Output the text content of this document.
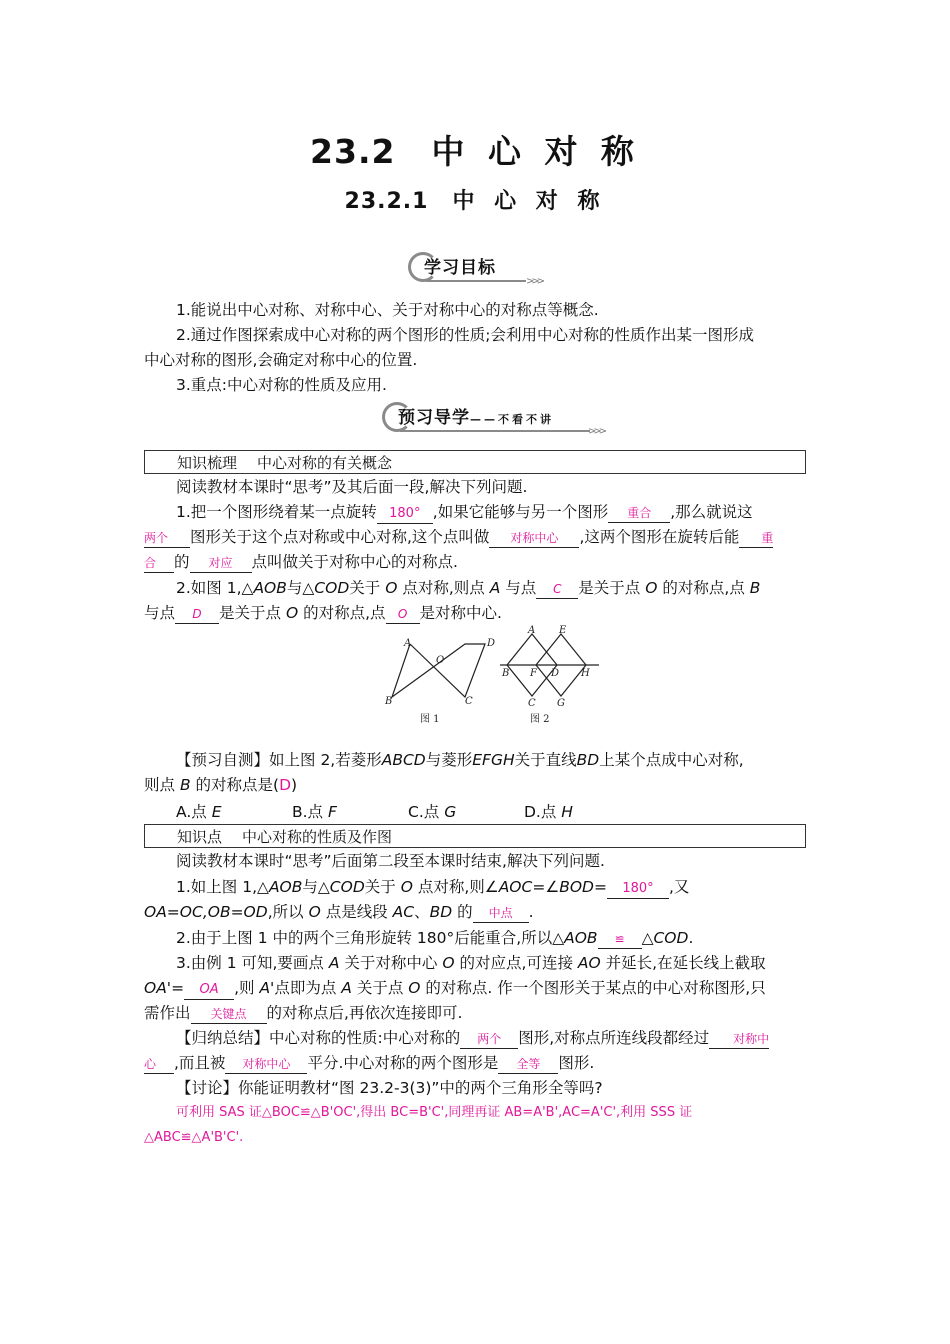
23.2 中 心 对 称
23.2.1 中 心 对 称
学习目标
>>>
1.能说出中心对称、对称中心、关于对称中心的对称点等概念.
2.通过作图探索成中心对称的两个图形的性质;会利用中心对称的性质作出某一图形成
中心对称的图形,会确定对称中心的位置.
3.重点:中心对称的性质及应用.
预习导学——不看不讲
>>>
知识梳理 中心对称的有关概念
阅读教材本课时“思考”及其后面一段,解决下列问题.
1.把一个图形绕着某一点旋转 180° ,如果它能够与另一个图形 重合 ,那么就说这
两个 图形关于这个点对称或中心对称,这个点叫做 对称中心 ,这两个图形在旋转后能 重
合 的 对应 点叫做关于对称中心的对称点.
2.如图 1,△AOB与△COD关于 O 点对称,则点 A 与点 C 是关于点 O 的对称点,点 B
与点 D 是关于点 O 的对称点,点 O 是对称中心.
A
O
D
B	C
图 1
A E
B F D H
C G
图 2
【预习自测】如上图 2,若菱形ABCD与菱形EFGH关于直线BD上某个点成中心对称,
则点 B 的对称点是(D)
A.点 E	B.点 F	C.点 G	D.点 H
知识点 中心对称的性质及作图
阅读教材本课时“思考”后面第二段至本课时结束,解决下列问题.
1.如上图 1,△AOB与△COD关于 O 点对称,则∠AOC=∠BOD= 180° ,又
OA=OC,OB=OD,所以 O 点是线段 AC、BD 的 中点 .
2.由于上图 1 中的两个三角形旋转 180°后能重合,所以△AOB ≌ △COD.
3.由例 1 可知,要画点 A 关于对称中心 O 的对应点,可连接 AO 并延长,在延长线上截取
OA'= OA ,则 A'点即为点 A 关于点 O 的对称点. 作一个图形关于某点的中心对称图形,只
需作出 关键点 的对称点后,再依次连接即可.
【归纳总结】中心对称的性质:中心对称的 两个 图形,对称点所连线段都经过 对称中
心 ,而且被 对称中心 平分.中心对称的两个图形是 全等 图形.
【讨论】你能证明教材“图 23.2-3(3)”中的两个三角形全等吗?
可利用 SAS 证△BOC≌△B'OC',得出 BC=B'C',同理再证 AB=A'B',AC=A'C',利用 SSS 证
△ABC≌△A'B'C'.
